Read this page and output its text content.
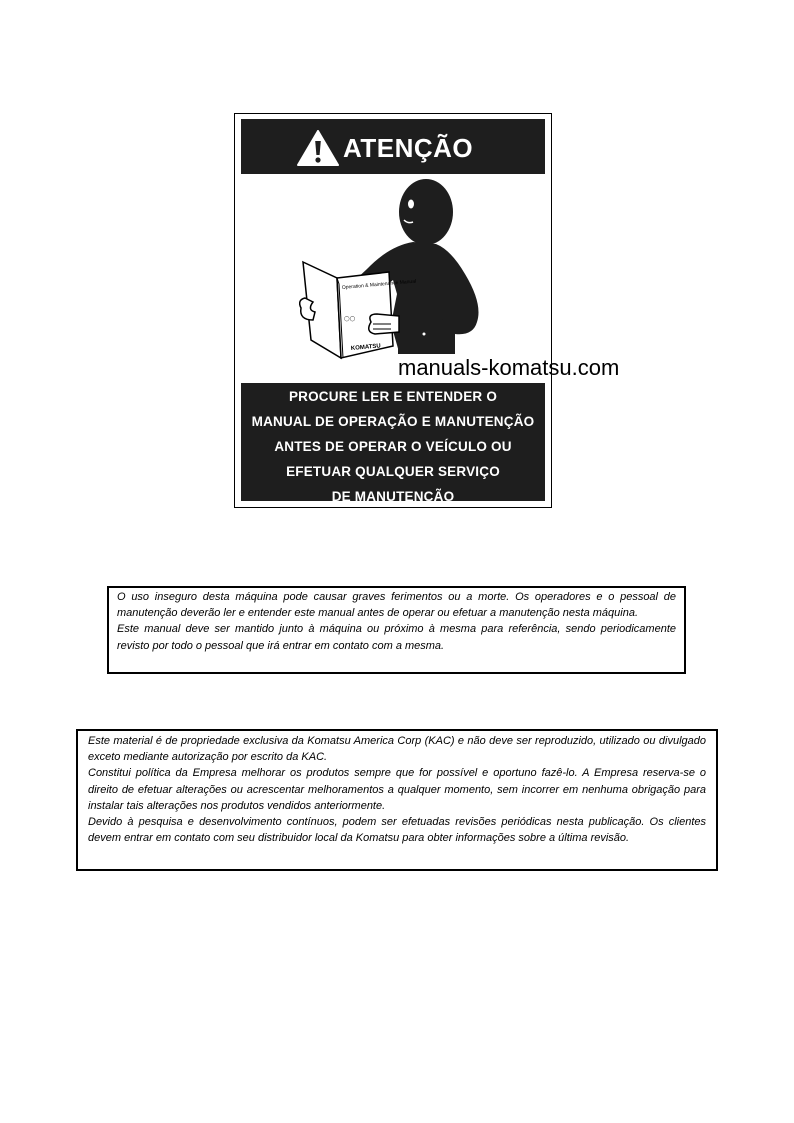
ATENÇÃO
Operation & Maintenance Manual
◯◯
KOMATSU
PROCURE LER E ENTENDER O
MANUAL DE OPERAÇÃO E MANUTENÇÃO
ANTES DE OPERAR O VEÍCULO OU
EFETUAR QUALQUER SERVIÇO
DE MANUTENÇÃO
manuals-komatsu.com

O uso inseguro desta máquina pode causar graves ferimentos ou a morte. Os operadores e o pessoal de manutenção deverão ler e entender este manual antes de operar ou efetuar a manutenção nesta máquina.

Este manual deve ser mantido junto à máquina ou próximo à mesma para referência, sendo periodicamente revisto por todo o pessoal que irá entrar em contato com a mesma.

Este material é de propriedade exclusiva da Komatsu America Corp (KAC) e não deve ser reproduzido, utilizado ou divulgado exceto mediante autorização por escrito da KAC.

Constitui política da Empresa melhorar os produtos sempre que for possível e oportuno fazê-lo. A Empresa reserva-se o direito de efetuar alterações ou acrescentar melhoramentos a qualquer momento, sem incorrer em nenhuma obrigação para instalar tais alterações nos produtos vendidos anteriormente.

Devido à pesquisa e desenvolvimento contínuos, podem ser efetuadas revisões periódicas nesta publicação. Os clientes devem entrar em contato com seu distribuidor local da Komatsu para obter informações sobre a última revisão.
